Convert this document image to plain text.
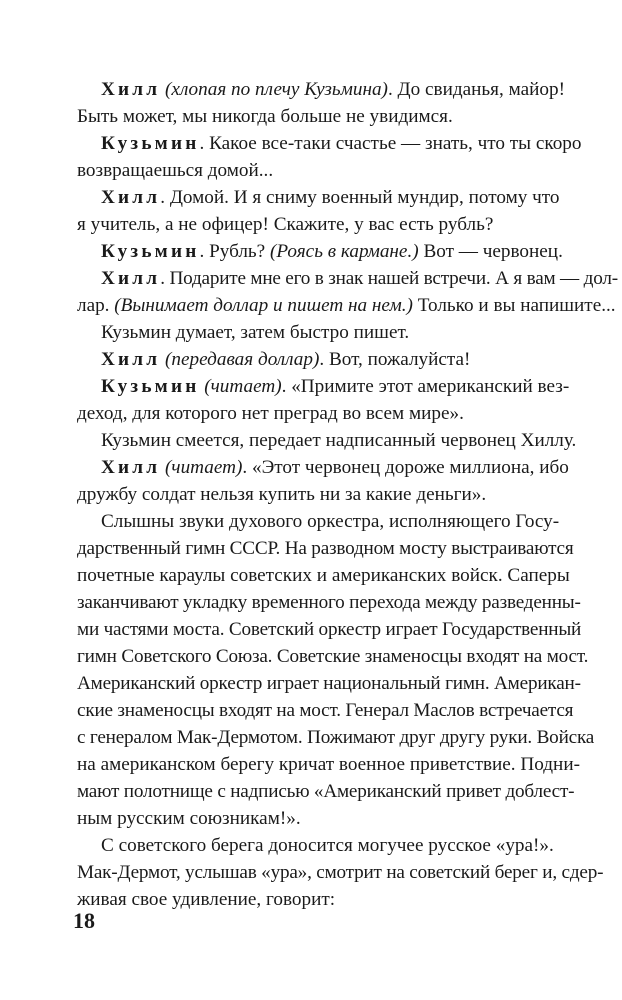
Хилл (хлопая по плечу Кузьмина). До свиданья, майор!
Быть может, мы никогда больше не увидимся.
Кузьмин. Какое все-таки счастье — знать, что ты скоро
возвращаешься домой...
Хилл. Домой. И я сниму военный мундир, потому что
я учитель, а не офицер! Скажите, у вас есть рубль?
Кузьмин. Рубль? (Роясь в кармане.) Вот — червонец.
Хилл. Подарите мне его в знак нашей встречи. А я вам — дол-
лар. (Вынимает доллар и пишет на нем.) Только и вы напишите...
Кузьмин думает, затем быстро пишет.
Хилл (передавая доллар). Вот, пожалуйста!
Кузьмин (читает). «Примите этот американский вез-
деход, для которого нет преград во всем мире».
Кузьмин смеется, передает надписанный червонец Хиллу.
Хилл (читает). «Этот червонец дороже миллиона, ибо
дружбу солдат нельзя купить ни за какие деньги».
Слышны звуки духового оркестра, исполняющего Госу-
дарственный гимн СССР. На разводном мосту выстраиваются
почетные караулы советских и американских войск. Саперы
заканчивают укладку временного перехода между разведенны-
ми частями моста. Советский оркестр играет Государственный
гимн Советского Союза. Советские знаменосцы входят на мост.
Американский оркестр играет национальный гимн. Американ-
ские знаменосцы входят на мост. Генерал Маслов встречается
с генералом Мак-Дермотом. Пожимают друг другу руки. Войска
на американском берегу кричат военное приветствие. Подни-
мают полотнище с надписью «Американский привет доблест-
ным русским союзникам!».
С советского берега доносится могучее русское «ура!».
Мак-Дермот, услышав «ура», смотрит на советский берег и, сдер-
живая свое удивление, говорит:
18
